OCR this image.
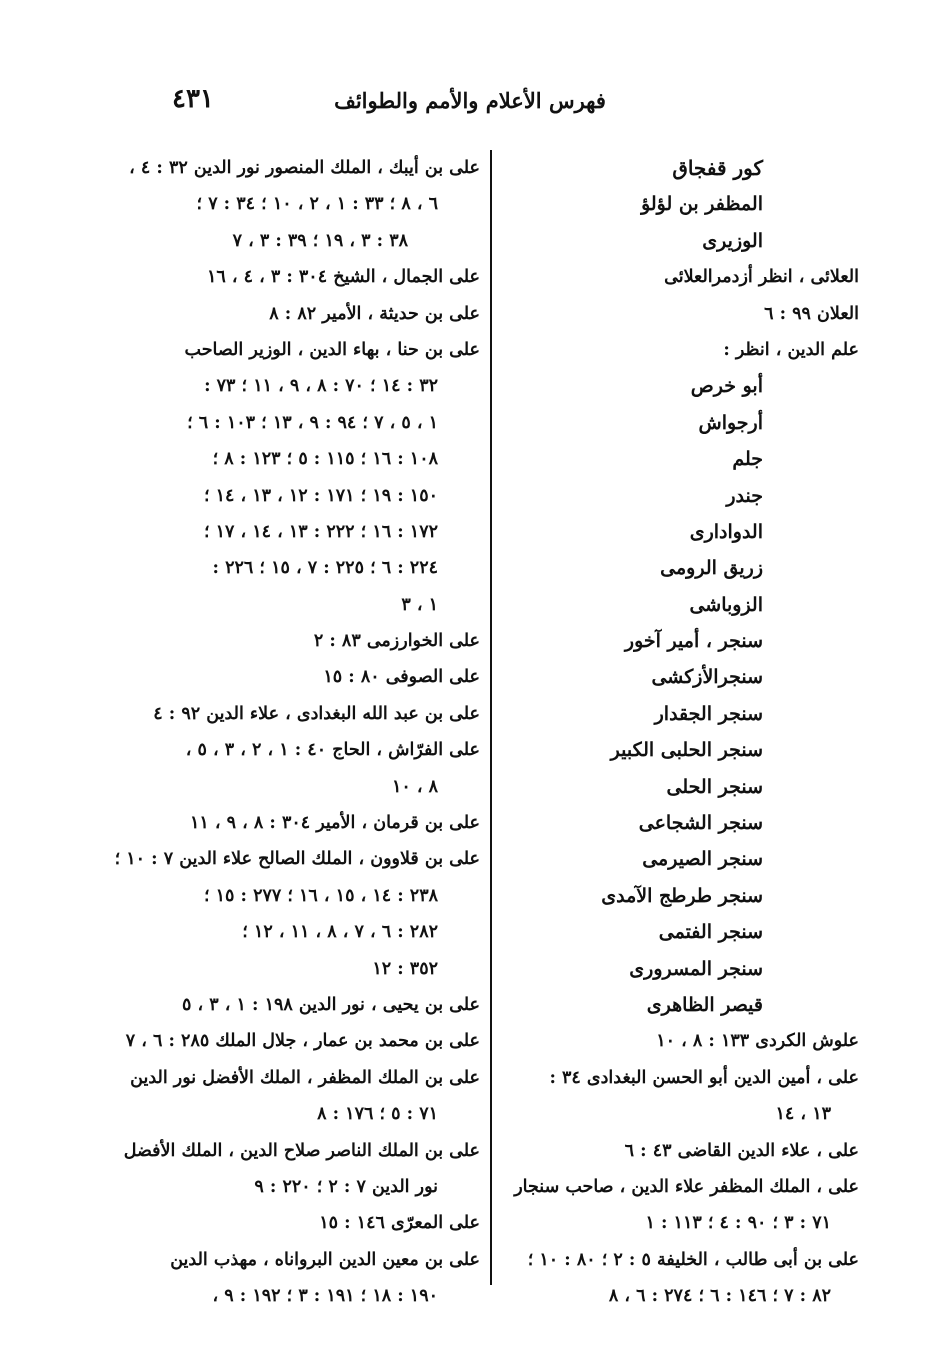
فهرس الأعلام والأمم والطوائف
٤٣١
كور قفجاق
المظفر بن لؤلؤ
الوزيرى
العلائى ، انظر أزدمرالعلائى
العلان ٩٩ : ٦
علم الدين ، انظر :
أبو خرص
أرجواش
جلم
جندر
الدوادارى
زريق الرومى
الزوباشى
سنجر ، أمير آخور
سنجرالأزكشى
سنجر الجقدار
سنجر الحلبى الكبير
سنجر الحلى
سنجر الشجاعى
سنجر الصيرمى
سنجر طرطج الآمدى
سنجر الفتمى
سنجر المسرورى
قيصر الظاهرى
علوش الكردى ١٣٣ : ٨ ، ١٠
على ، أمين الدين أبو الحسن البغدادى ٣٤ :
١٣ ، ١٤
على ، علاء الدين القاضى ٤٣ : ٦
على ، الملك المظفر علاء الدين ، صاحب سنجار
٧١ : ٣ ؛ ٩٠ : ٤ ؛ ١١٣ : ١
على بن أبى طالب ، الخليفة ٥ : ٢ ؛ ٨٠ : ١٠ ؛
٨٢ : ٧ ؛ ١٤٦ : ٦ ؛ ٢٧٤ : ٦ ، ٨
على بن أيبك ، الملك المنصور نور الدين ٣٢ : ٤ ،
٦ ، ٨ ؛ ٣٣ : ١ ، ٢ ، ١٠ ؛ ٣٤ : ٧ ؛
٣٨ : ٣ ، ١٩ ؛ ٣٩ : ٣ ، ٧
على الجمال ، الشيخ ٣٠٤ : ٣ ، ٤ ، ١٦
على بن حديثة ، الأمير ٨٢ : ٨
على بن حنا ، بهاء الدين ، الوزير الصاحب
٣٢ : ١٤ ؛ ٧٠ : ٨ ، ٩ ، ١١ ؛ ٧٣ :
١ ، ٥ ، ٧ ؛ ٩٤ : ٩ ، ١٣ ؛ ١٠٣ : ٦ ؛
١٠٨ : ١٦ ؛ ١١٥ : ٥ ؛ ١٢٣ : ٨ ؛
١٥٠ : ١٩ ؛ ١٧١ : ١٢ ، ١٣ ، ١٤ ؛
١٧٢ : ١٦ ؛ ٢٢٢ : ١٣ ، ١٤ ، ١٧ ؛
٢٢٤ : ٦ ؛ ٢٢٥ : ٧ ، ١٥ ؛ ٢٢٦ :
١ ، ٣
على الخوارزمى ٨٣ : ٢
على الصوفى ٨٠ : ١٥
على بن عبد الله البغدادى ، علاء الدين ٩٢ : ٤
على الفرّاش ، الحاج ٤٠ : ١ ، ٢ ، ٣ ، ٥ ،
٨ ، ١٠
على بن قرمان ، الأمير ٣٠٤ : ٨ ، ٩ ، ١١
على بن قلاوون ، الملك الصالح علاء الدين ٧ : ١٠ ؛
٢٣٨ : ١٤ ، ١٥ ، ١٦ ؛ ٢٧٧ : ١٥ ؛
٢٨٢ : ٦ ، ٧ ، ٨ ، ١١ ، ١٢ ؛
٣٥٢ : ١٢
على بن يحيى ، نور الدين ١٩٨ : ١ ، ٣ ، ٥
على بن محمد بن عمار ، جلال الملك ٢٨٥ : ٦ ، ٧
على بن الملك المظفر ، الملك الأفضل نور الدين
٧١ : ٥ ؛ ١٧٦ : ٨
على بن الملك الناصر صلاح الدين ، الملك الأفضل
نور الدين ٧ : ٢ ؛ ٢٢٠ : ٩
على المعرّى ١٤٦ : ١٥
على بن معين الدين البرواناه ، مهذب الدين
١٩٠ : ١٨ ؛ ١٩١ : ٣ ؛ ١٩٢ : ٩ ،
